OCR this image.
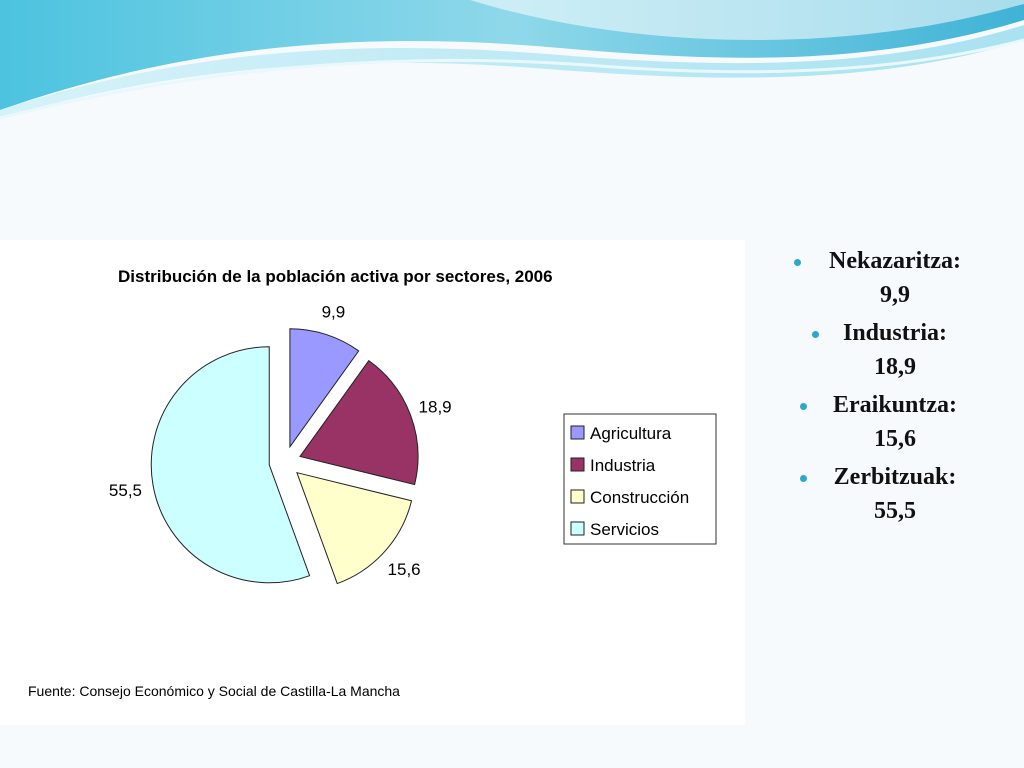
Distribución de la población activa por sectores, 2006
9,9
18,9
15,6
55,5
Agricultura
Industria
Construcción
Servicios
Fuente: Consejo Económico y Social de Castilla-La Mancha
Nekazaritza:
9,9
Industria:
18,9
Eraikuntza:
15,6
Zerbitzuak:
55,5
